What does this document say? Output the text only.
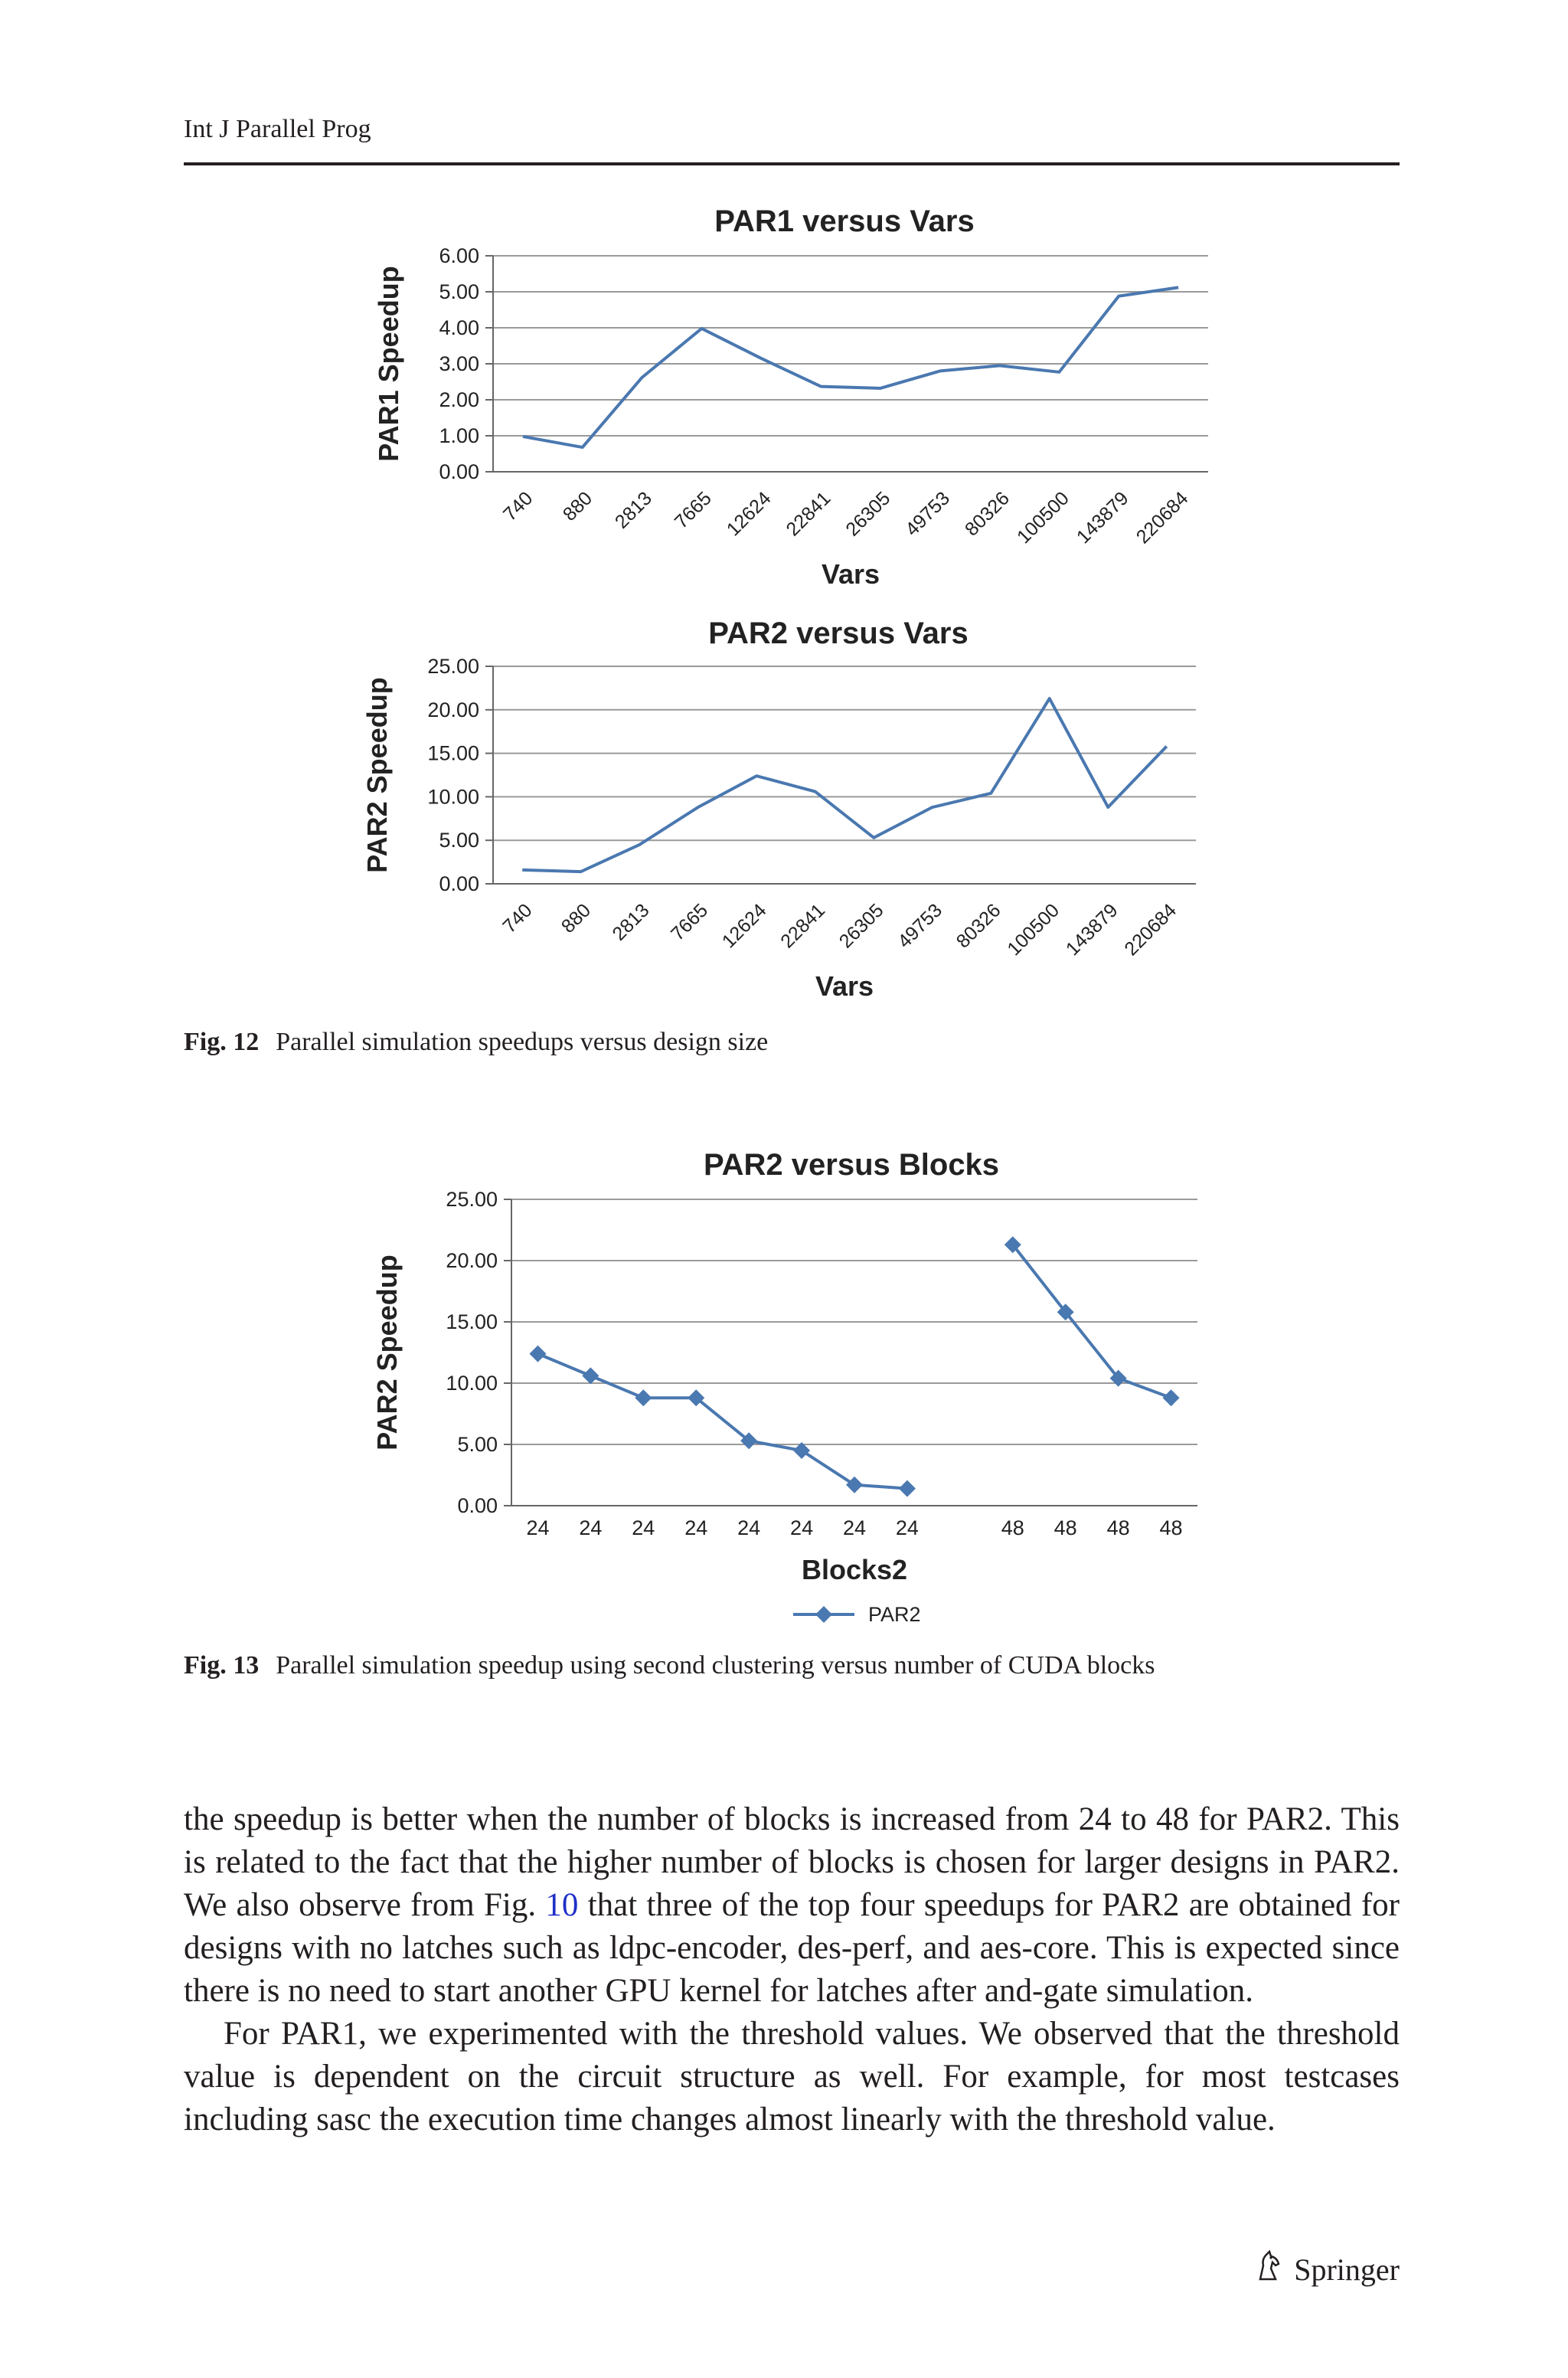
Int J Parallel Prog
PAR1 versus Vars
0.00
1.00
2.00
3.00
4.00
5.00
6.00
740 880 2813 7665 12624 22841 26305 49753 80326 100500 143879 220684
Vars
PAR1 Speedup
PAR2 versus Vars
0.00
5.00
10.00
15.00
20.00
25.00
740 880 2813 7665 12624 22841 26305 49753 80326
100500
143879
220684
Vars
PAR2 Speedup
Fig. 12 Parallel simulation speedups versus design size
PAR2 versus Blocks
0.00
5.00
10.00
15.00
20.00
25.00
24 24 24 24 24 24 24 24	48 48 48 48
Blocks2
PAR2 Speedup
PAR2
Fig. 13 Parallel simulation speedup using second clustering versus number of CUDA blocks

the speedup is better when the number of blocks is increased from 24 to 48 for PAR2. This is related to the fact that the higher number of blocks is chosen for larger designs in PAR2. We also observe from Fig. 10 that three of the top four speedups for PAR2 are obtained for designs with no latches such as ldpc-encoder, des-perf, and aes-core. This is expected since there is no need to start another GPU kernel for latches after and-gate simulation.

For PAR1, we experimented with the threshold values. We observed that the threshold value is dependent on the circuit structure as well. For example, for most testcases including sasc the execution time changes almost linearly with the threshold value.

Springer
